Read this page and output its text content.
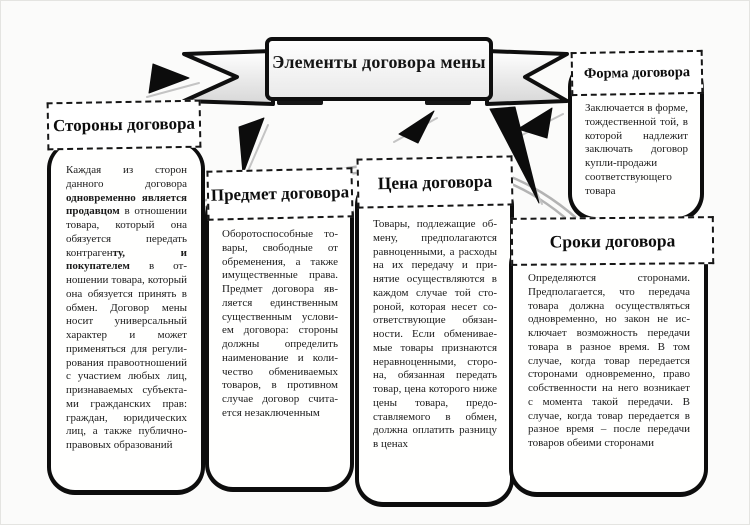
Элементы договора мены

Каждая из сторон данного договора одновременно является продавцом в отношении товара, который она обязуется передать контрагенту, и покупателем в отношении товара, который она обязуется принять в обмен. Договор мены носит универсальный характер и может применяться для регулирования правоотношений с участием любых лиц, признаваемых субъектами гражданских прав: граждан, юридических лиц, а также публично-правовых образований

Стороны договора

Оборотоспособные товары, свободные от обременения, а также имущественные права. Предмет договора является единственным существенным условием договора: стороны должны определить наименование и количество обмениваемых товаров, в противном случае договор считается незаключенным

Предмет договора

Товары, подлежащие обмену, предполагаются равноценными, а расходы на их передачу и принятие осуществляются в каждом случае той стороной, которая несет соответствующие обязанности. Если обмениваемые товары признаются неравноценными, сторона, обязанная передать товар, цена которого ниже цены товара, предоставляемого в обмен, должна оплатить разницу в ценах

Цена договора

Заключается в форме, тождественной той, в которой надлежит заключать договор купли-продажи соответствующего товара

Форма договора

Определяются сторонами. Предполагается, что передача товара должна осуществляться одновременно, но закон не исключает возможность передачи товара в разное время. В том случае, когда товар передается сторонами одновременно, право собственности на него возникает с момента такой передачи. В случае, когда товар передается в разное время – после передачи товаров обеими сторонами

Сроки договора
